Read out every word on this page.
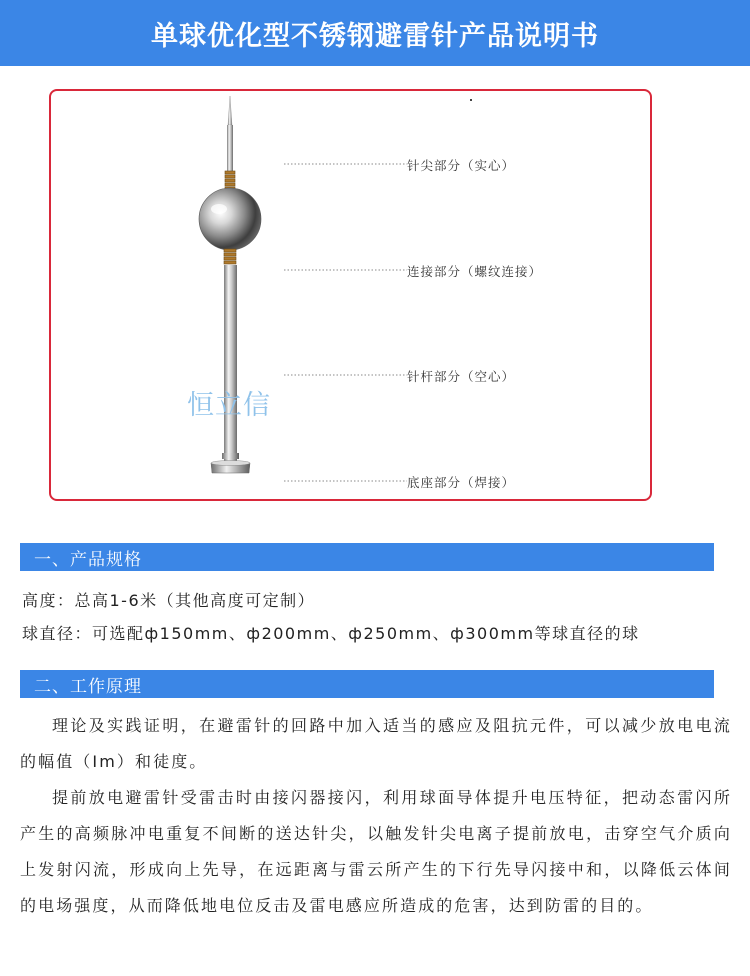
单球优化型不锈钢避雷针产品说明书
针尖部分（实心）
连接部分（螺纹连接）
针杆部分（空心）
底座部分（焊接）
恒立信
一、产品规格
高度：总高1-6米（其他高度可定制）
球直径：可选配ф150mm、ф200mm、ф250mm、ф300mm等球直径的球
二、工作原理

理论及实践证明，在避雷针的回路中加入适当的感应及阻抗元件，可以减少放电电流的幅值（Im）和徒度。

提前放电避雷针受雷击时由接闪器接闪，利用球面导体提升电压特征，把动态雷闪所产生的高频脉冲电重复不间断的送达针尖，以触发针尖电离子提前放电，击穿空气介质向上发射闪流，形成向上先导，在远距离与雷云所产生的下行先导闪接中和，以降低云体间的电场强度，从而降低地电位反击及雷电感应所造成的危害，达到防雷的目的。
